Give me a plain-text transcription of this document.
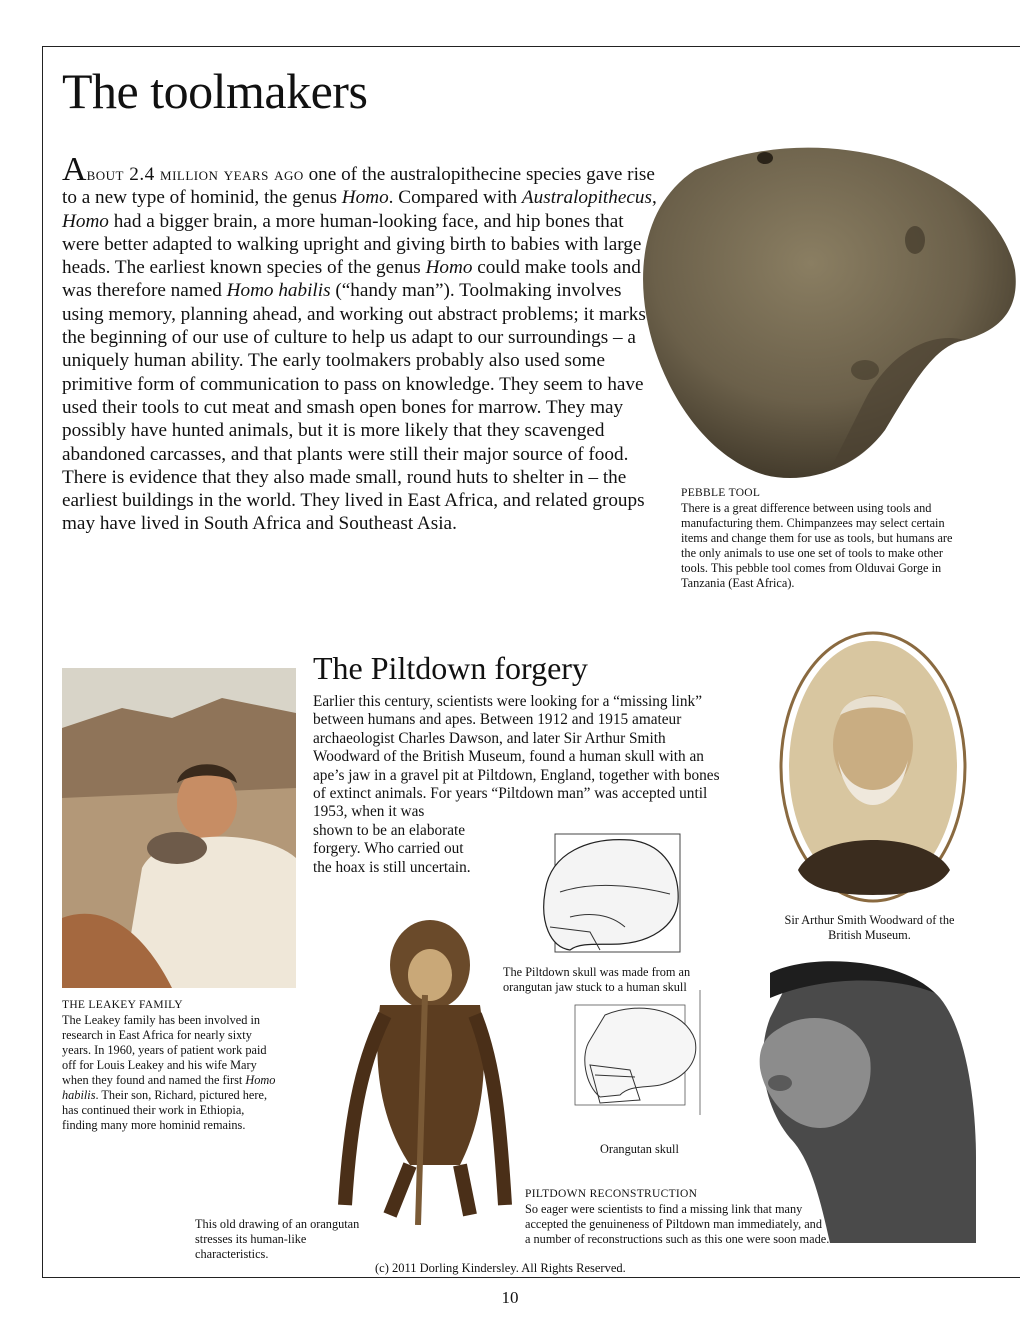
The toolmakers
About 2.4 million years ago one of the australopithecine species gave rise to a new type of hominid, the genus Homo. Compared with Australopithecus, Homo had a bigger brain, a more human-looking face, and hip bones that were better adapted to walking upright and giving birth to babies with large heads. The earliest known species of the genus Homo could make tools and was therefore named Homo habilis (“handy man”). Toolmaking involves using memory, planning ahead, and working out abstract problems; it marks the beginning of our use of culture to help us adapt to our surroundings – a uniquely human ability. The early toolmakers probably also used some primitive form of communication to pass on knowledge. They seem to have used their tools to cut meat and smash open bones for marrow. They may possibly have hunted animals, but it is more likely that they scavenged abandoned carcasses, and that plants were still their major source of food. There is evidence that they also made small, round huts to shelter in – the earliest buildings in the world. They lived in East Africa, and related groups may have lived in South Africa and Southeast Asia.
PEBBLE TOOL
There is a great difference between using tools and manufacturing them. Chimpanzees may select certain items and change them for use as tools, but humans are the only animals to use one set of tools to make other tools. This pebble tool comes from Olduvai Gorge in Tanzania (East Africa).
THE LEAKEY FAMILY
The Leakey family has been involved in research in East Africa for nearly sixty years. In 1960, years of patient work paid off for Louis Leakey and his wife Mary when they found and named the first Homo habilis. Their son, Richard, pictured here, has continued their work in Ethiopia, finding many more hominid remains.
The Piltdown forgery
Earlier this century, scientists were looking for a “missing link” between humans and apes. Between 1912 and 1915 amateur archaeologist Charles Dawson, and later Sir Arthur Smith Woodward of the British Museum, found a human skull with an ape’s jaw in a gravel pit at Piltdown, England, together with bones of extinct animals. For years “Piltdown man” was accepted until 1953, when it was
shown to be an elaborate
forgery. Who carried out
the hoax is still uncertain.
Sir Arthur Smith Woodward of the British Museum.
The Piltdown skull was made from an orangutan jaw stuck to a human skull
Orangutan skull
This old drawing of an orangutan stresses its human-like characteristics.
PILTDOWN RECONSTRUCTION
So eager were scientists to find a missing link that many accepted the genuineness of Piltdown man immediately, and a number of reconstructions such as this one were soon made.
(c) 2011 Dorling Kindersley. All Rights Reserved.
10
